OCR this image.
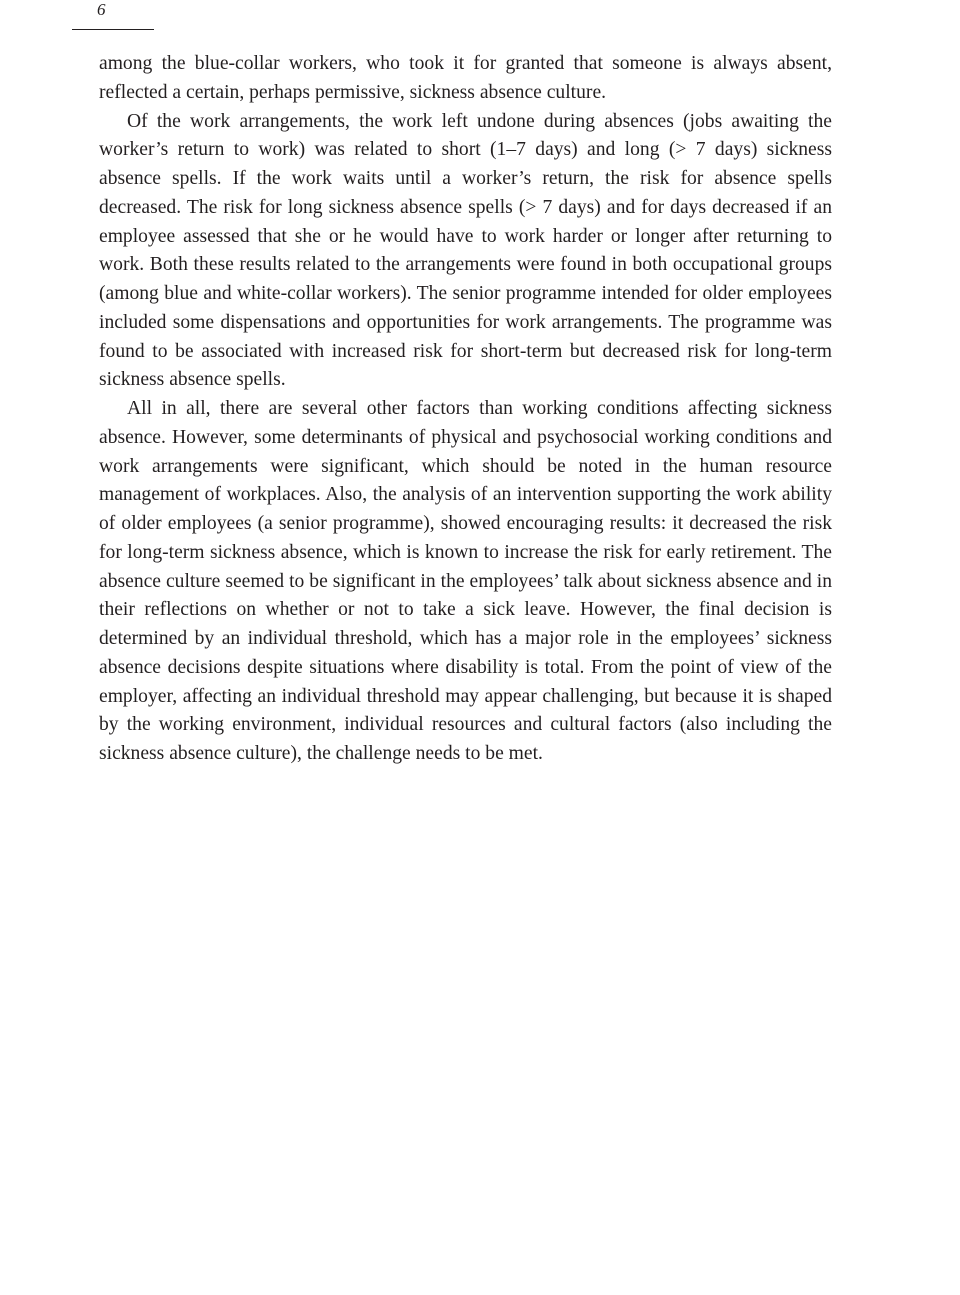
6

among the blue-collar workers, who took it for granted that someone is always absent, reflected a certain, perhaps permissive, sickness absence culture.

Of the work arrangements, the work left undone during absences (jobs awaiting the worker’s return to work) was related to short (1–7 days) and long (> 7 days) sickness absence spells. If the work waits until a worker’s return, the risk for absence spells decreased. The risk for long sickness absence spells (> 7 days) and for days decreased if an employee assessed that she or he would have to work harder or longer after returning to work. Both these results related to the arrangements were found in both occupational groups (among blue and white-collar workers). The senior programme intended for older employees included some dispensations and opportunities for work arrangements. The programme was found to be associated with increased risk for short-term but decreased risk for long-term sickness absence spells.

All in all, there are several other factors than working conditions affecting sickness absence. However, some determinants of physical and psychosocial working conditions and work arrangements were significant, which should be noted in the human resource management of workplaces. Also, the analysis of an intervention supporting the work ability of older employees (a senior programme), showed encouraging results: it decreased the risk for long-term sickness absence, which is known to increase the risk for early retirement. The absence culture seemed to be significant in the employees’ talk about sickness absence and in their reflections on whether or not to take a sick leave. However, the final decision is determined by an individual threshold, which has a major role in the employees’ sickness absence decisions despite situations where disability is total. From the point of view of the employer, affecting an individual threshold may appear challenging, but because it is shaped by the working environment, individual resources and cultural factors (also including the sickness absence culture), the challenge needs to be met.
